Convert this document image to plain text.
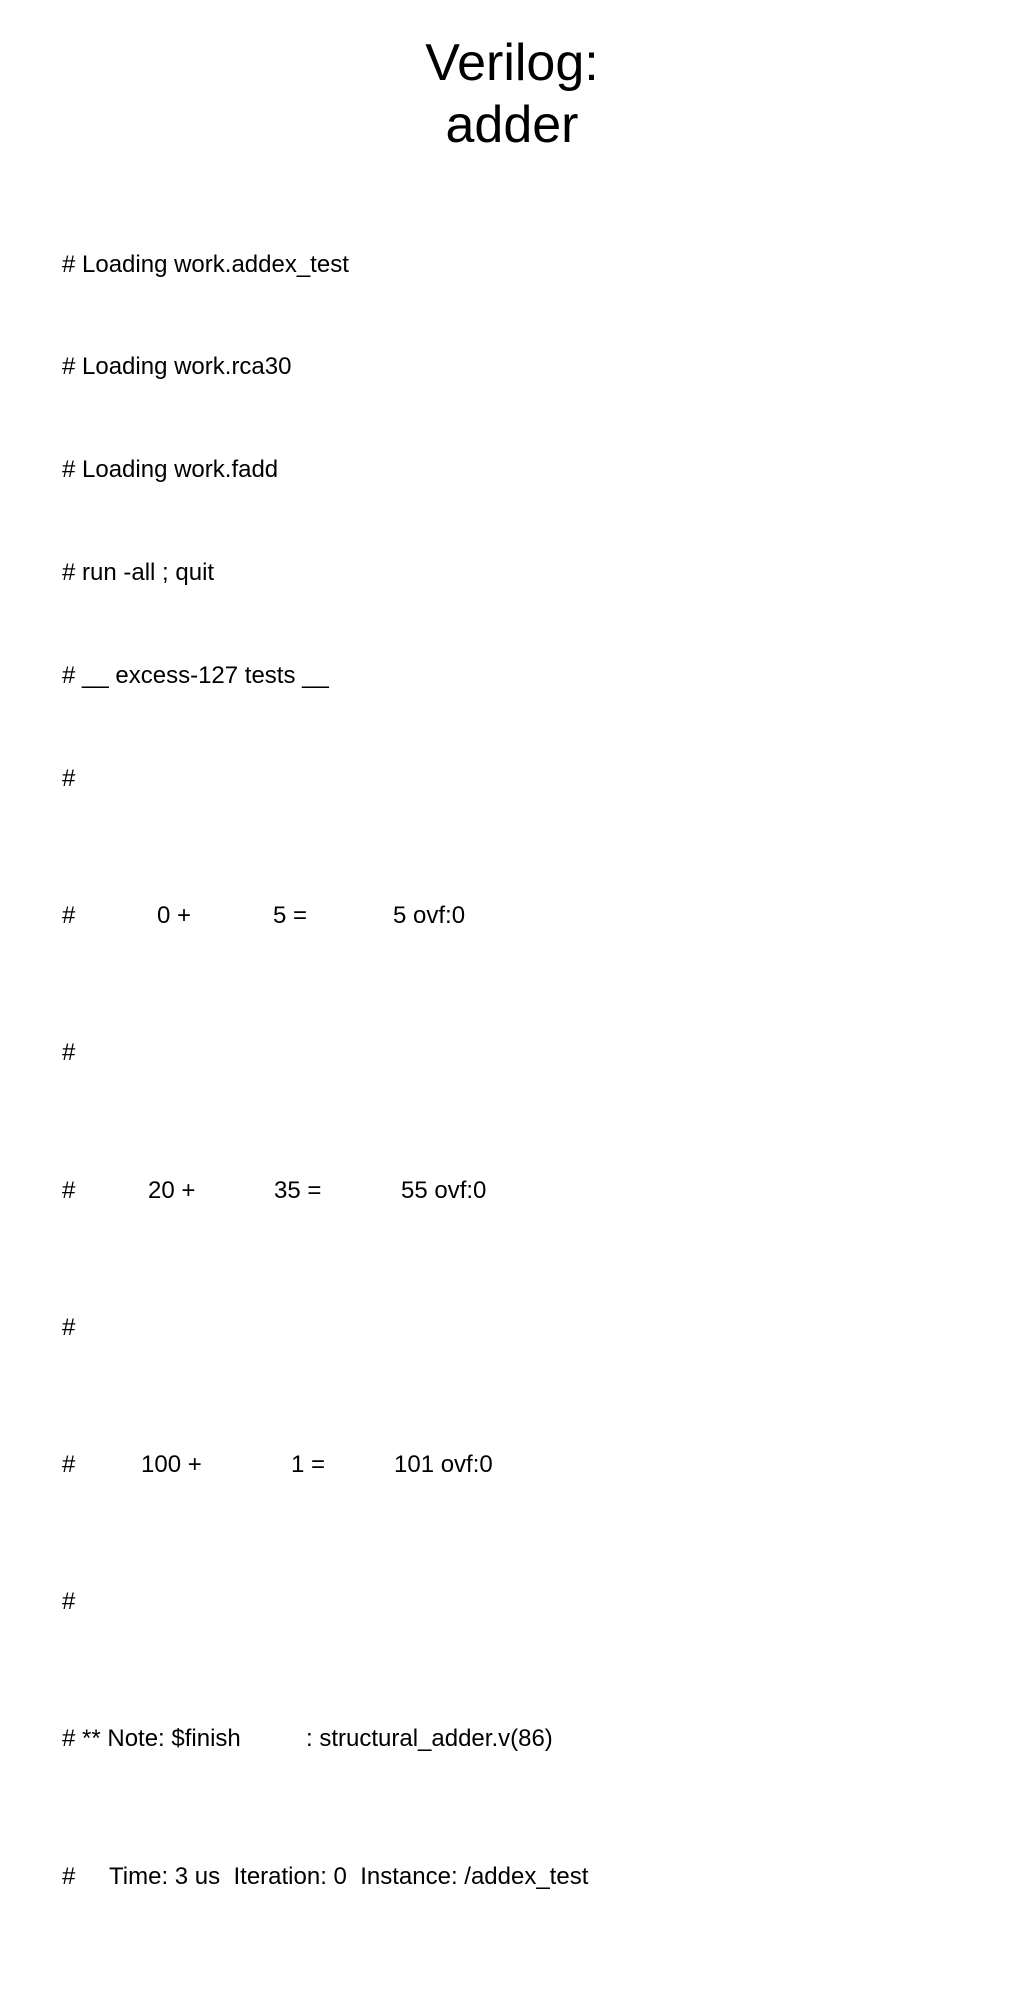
Verilog:
adder

# Loading work.addex_test

# Loading work.rca30

# Loading work.fadd

# run -all ; quit

# __ excess-127 tests __

#

#

	0 +

	5 =

	5 ovf:0

#

#

	20 +

	35 =

	55 ovf:0

#

#

	100 +

	1 =

	101 ovf:0

#

# ** Note: $finish

	: structural_adder.v(86)

#

Time: 3 us  Iteration: 0  Instance: /addex_test
